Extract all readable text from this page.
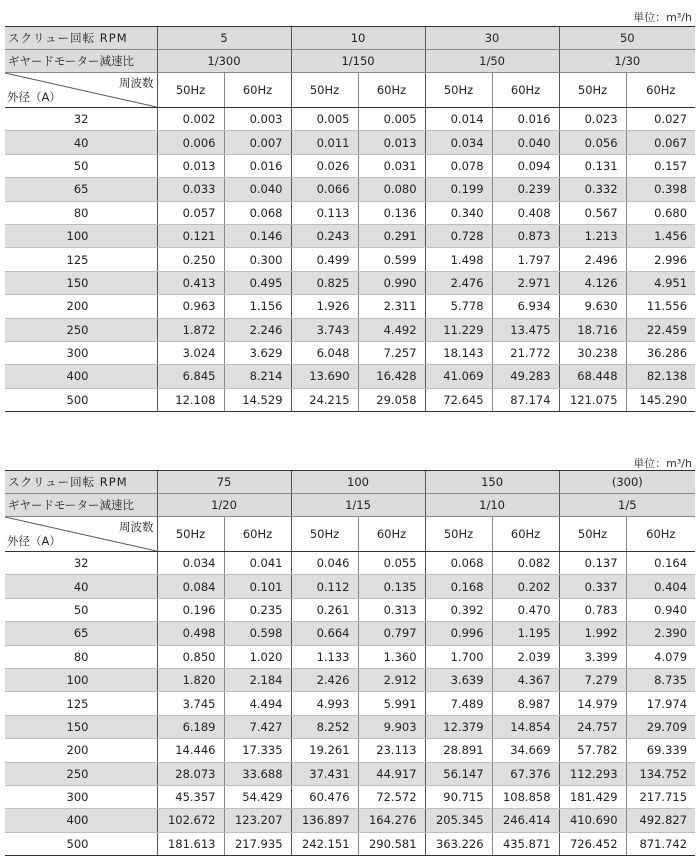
単位：m³/h
スクリュー回転 RPM	5		10		30		50	
ギヤードモーター減速比	1/300		1/150		1/50		1/30	

周波数
外径（A）	50Hz	60Hz	50Hz	60Hz	50Hz	60Hz	50Hz	60Hz
32	0.002	0.003	0.005	0.005	0.014	0.016	0.023	0.027
40	0.006	0.007	0.011	0.013	0.034	0.040	0.056	0.067
50	0.013	0.016	0.026	0.031	0.078	0.094	0.131	0.157
65	0.033	0.040	0.066	0.080	0.199	0.239	0.332	0.398
80	0.057	0.068	0.113	0.136	0.340	0.408	0.567	0.680
100	0.121	0.146	0.243	0.291	0.728	0.873	1.213	1.456
125	0.250	0.300	0.499	0.599	1.498	1.797	2.496	2.996
150	0.413	0.495	0.825	0.990	2.476	2.971	4.126	4.951
200	0.963	1.156	1.926	2.311	5.778	6.934	9.630	11.556
250	1.872	2.246	3.743	4.492	11.229	13.475	18.716	22.459
300	3.024	3.629	6.048	7.257	18.143	21.772	30.238	36.286
400	6.845	8.214	13.690	16.428	41.069	49.283	68.448	82.138
500	12.108	14.529	24.215	29.058	72.645	87.174	121.075	145.290
単位：m³/h
スクリュー回転 RPM	75		100		150		(300)	
ギヤードモーター減速比	1/20		1/15		1/10		1/5	

周波数
外径（A）	50Hz	60Hz	50Hz	60Hz	50Hz	60Hz	50Hz	60Hz
32	0.034	0.041	0.046	0.055	0.068	0.082	0.137	0.164
40	0.084	0.101	0.112	0.135	0.168	0.202	0.337	0.404
50	0.196	0.235	0.261	0.313	0.392	0.470	0.783	0.940
65	0.498	0.598	0.664	0.797	0.996	1.195	1.992	2.390
80	0.850	1.020	1.133	1.360	1.700	2.039	3.399	4.079
100	1.820	2.184	2.426	2.912	3.639	4.367	7.279	8.735
125	3.745	4.494	4.993	5.991	7.489	8.987	14.979	17.974
150	6.189	7.427	8.252	9.903	12.379	14.854	24.757	29.709
200	14.446	17.335	19.261	23.113	28.891	34.669	57.782	69.339
250	28.073	33.688	37.431	44.917	56.147	67.376	112.293	134.752
300	45.357	54.429	60.476	72.572	90.715	108.858	181.429	217.715
400	102.672	123.207	136.897	164.276	205.345	246.414	410.690	492.827
500	181.613	217.935	242.151	290.581	363.226	435.871	726.452	871.742
